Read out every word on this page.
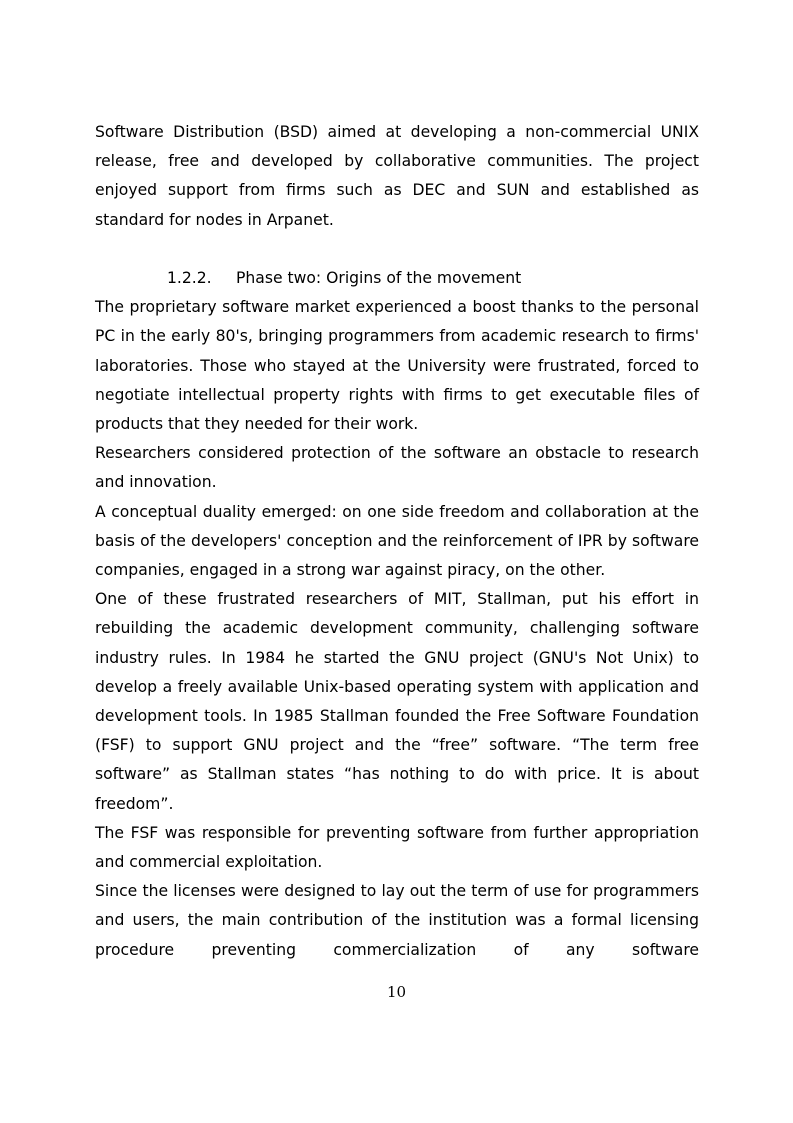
Software Distribution (BSD) aimed at developing a non-commercial UNIX release, free and developed by collaborative communities. The project enjoyed support from firms such as DEC and SUN and established as standard for nodes in Arpanet.

1.2.2. Phase two: Origins of the movement

The proprietary software market experienced a boost thanks to the personal PC in the early 80's, bringing programmers from academic research to firms' laboratories. Those who stayed at the University were frustrated, forced to negotiate intellectual property rights with firms to get executable files of products that they needed for their work.

Researchers considered protection of the software an obstacle to research and innovation.

A conceptual duality emerged: on one side freedom and collaboration at the basis of the developers' conception and the reinforcement of IPR by software companies, engaged in a strong war against piracy, on the other.

One of these frustrated researchers of MIT, Stallman, put his effort in rebuilding the academic development community, challenging software industry rules. In 1984 he started the GNU project (GNU's Not Unix) to develop a freely available Unix-based operating system with application and development tools. In 1985 Stallman founded the Free Software Foundation (FSF) to support GNU project and the “free” software. “The term free software” as Stallman states “has nothing to do with price. It is about freedom”.

The FSF was responsible for preventing software from further appropriation and commercial exploitation.

Since the licenses were designed to lay out the term of use for programmers and users, the main contribution of the institution was a formal licensing procedure preventing commercialization of any software

10
